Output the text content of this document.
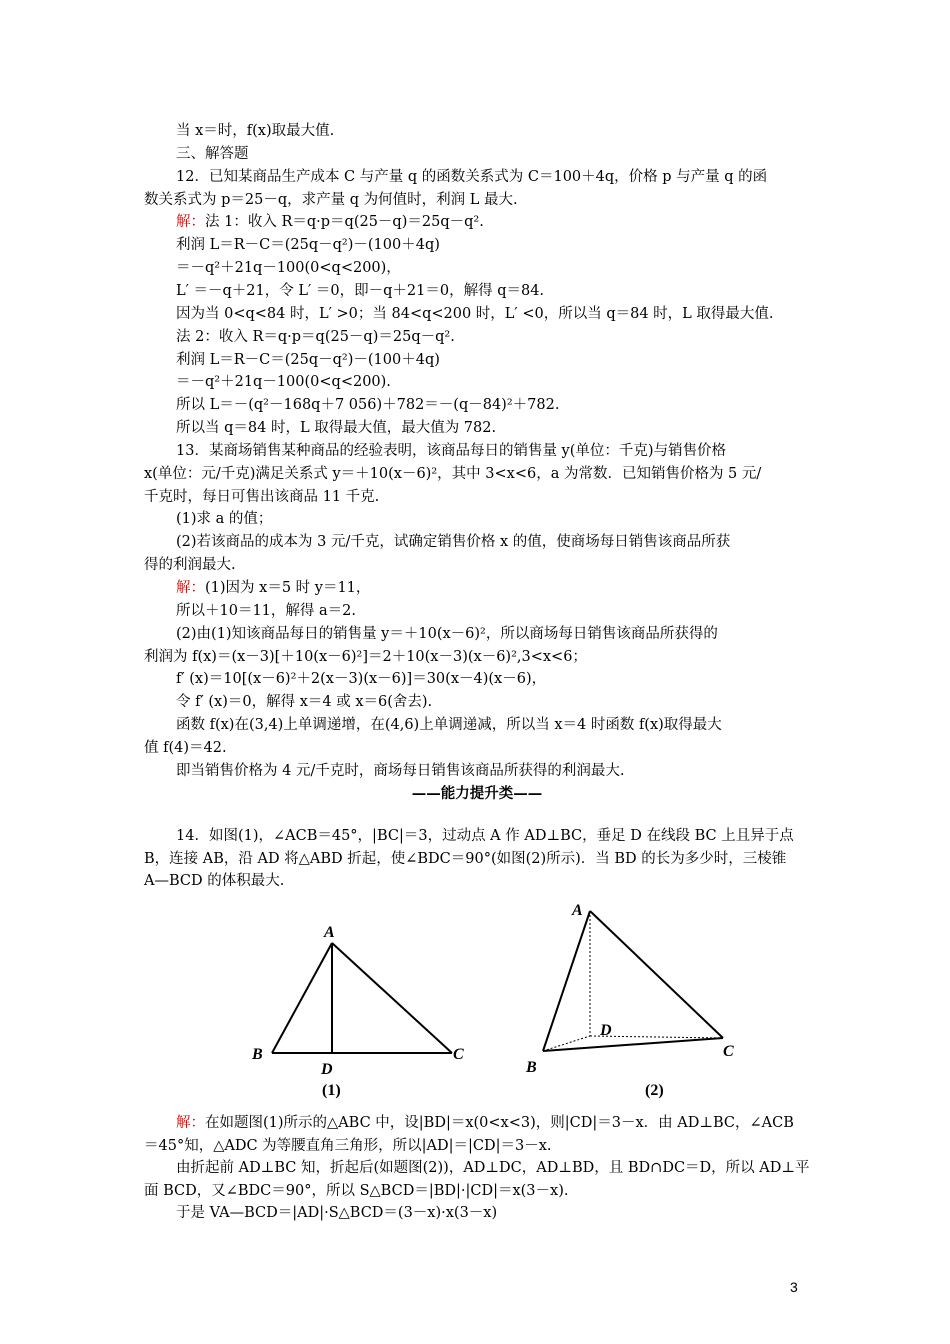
当 x＝时，f(x)取最大值.
三、解答题
12．已知某商品生产成本 C 与产量 q 的函数关系式为 C＝100＋4q，价格 p 与产量 q 的函
数关系式为 p＝25－q，求产量 q 为何值时，利润 L 最大.
解：法 1：收入 R＝q·p＝q(25－q)＝25q－q².
利润 L＝R－C＝(25q－q²)－(100＋4q)
＝－q²＋21q－100(0<q<200)，
L′ ＝－q＋21，令 L′ ＝0，即－q＋21＝0，解得 q＝84.
因为当 0<q<84 时，L′ >0；当 84<q<200 时，L′ <0，所以当 q＝84 时，L 取得最大值.
法 2：收入 R＝q·p＝q(25－q)＝25q－q².
利润 L＝R－C＝(25q－q²)－(100＋4q)
＝－q²＋21q－100(0<q<200).
所以 L＝－(q²－168q＋7 056)＋782＝－(q－84)²＋782.
所以当 q＝84 时，L 取得最大值，最大值为 782.
13．某商场销售某种商品的经验表明，该商品每日的销售量 y(单位：千克)与销售价格
x(单位：元/千克)满足关系式 y＝＋10(x－6)²，其中 3<x<6，a 为常数．已知销售价格为 5 元/
千克时，每日可售出该商品 11 千克.
(1)求 a 的值；
(2)若该商品的成本为 3 元/千克，试确定销售价格 x 的值，使商场每日销售该商品所获
得的利润最大.
解：(1)因为 x＝5 时 y＝11，
所以＋10＝11，解得 a＝2.
(2)由(1)知该商品每日的销售量 y＝＋10(x－6)²，所以商场每日销售该商品所获得的
利润为 f(x)＝(x－3)[＋10(x－6)²]＝2＋10(x－3)(x－6)²,3<x<6；
f′ (x)＝10[(x－6)²＋2(x－3)(x－6)]＝30(x－4)(x－6)，
令 f′ (x)＝0，解得 x＝4 或 x＝6(舍去).
函数 f(x)在(3,4)上单调递增，在(4,6)上单调递减，所以当 x＝4 时函数 f(x)取得最大
值 f(4)＝42.
即当销售价格为 4 元/千克时，商场每日销售该商品所获得的利润最大.
——能力提升类——
14．如图(1)，∠ACB＝45°，|BC|＝3，过动点 A 作 AD⊥BC，垂足 D 在线段 BC 上且异于点
B，连接 AB，沿 AD 将△ABD 折起，使∠BDC＝90°(如图(2)所示)．当 BD 的长为多少时，三棱锥
A—BCD 的体积最大.
A
B	C
D
(1)
A
B
C
D
(2)
解：在如题图(1)所示的△ABC 中，设|BD|＝x(0<x<3)，则|CD|＝3－x．由 AD⊥BC，∠ACB
＝45°知，△ADC 为等腰直角三角形，所以|AD|＝|CD|＝3－x.
由折起前 AD⊥BC 知，折起后(如题图(2))，AD⊥DC，AD⊥BD，且 BD∩DC＝D，所以 AD⊥平
面 BCD，又∠BDC＝90°，所以 S△BCD＝|BD|·|CD|＝x(3－x).
于是 VA—BCD＝|AD|·S△BCD＝(3－x)·x(3－x)
3
